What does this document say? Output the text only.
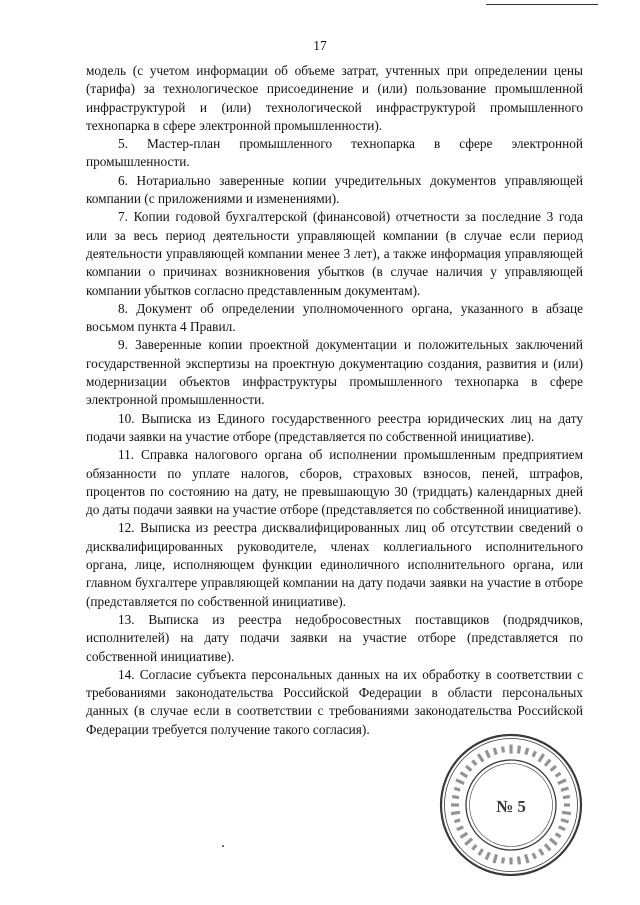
17

модель (с учетом информации об объеме затрат, учтенных при определении цены (тарифа) за технологическое присоединение и (или) пользование промышленной инфраструктурой и (или) технологической инфраструктурой промышленного технопарка в сфере электронной промышленности).

5. Мастер-план промышленного технопарка в сфере электронной промышленности.

6. Нотариально заверенные копии учредительных документов управляющей компании (с приложениями и изменениями).

7. Копии годовой бухгалтерской (финансовой) отчетности за последние 3 года или за весь период деятельности управляющей компании (в случае если период деятельности управляющей компании менее 3 лет), а также информация управляющей компании о причинах возникновения убытков (в случае наличия у управляющей компании убытков согласно представленным документам).

8. Документ об определении уполномоченного органа, указанного в абзаце восьмом пункта 4 Правил.

9. Заверенные копии проектной документации и положительных заключений государственной экспертизы на проектную документацию создания, развития и (или) модернизации объектов инфраструктуры промышленного технопарка в сфере электронной промышленности.

10. Выписка из Единого государственного реестра юридических лиц на дату подачи заявки на участие отборе (представляется по собственной инициативе).

11. Справка налогового органа об исполнении промышленным предприятием обязанности по уплате налогов, сборов, страховых взносов, пеней, штрафов, процентов по состоянию на дату, не превышающую 30 (тридцать) календарных дней до даты подачи заявки на участие отборе (представляется по собственной инициативе).

12. Выписка из реестра дисквалифицированных лиц об отсутствии сведений о дисквалифицированных руководителе, членах коллегиального исполнительного органа, лице, исполняющем функции единоличного исполнительного органа, или главном бухгалтере управляющей компании на дату подачи заявки на участие в отборе (представляется по собственной инициативе).

13. Выписка из реестра недобросовестных поставщиков (подрядчиков, исполнителей) на дату подачи заявки на участие отборе (представляется по собственной инициативе).

14. Согласие субъекта персональных данных на их обработку в соответствии с требованиями законодательства Российской Федерации в области персональных данных (в случае если в соответствии с требованиями законодательства Российской Федерации требуется получение такого согласия).

№ 5
